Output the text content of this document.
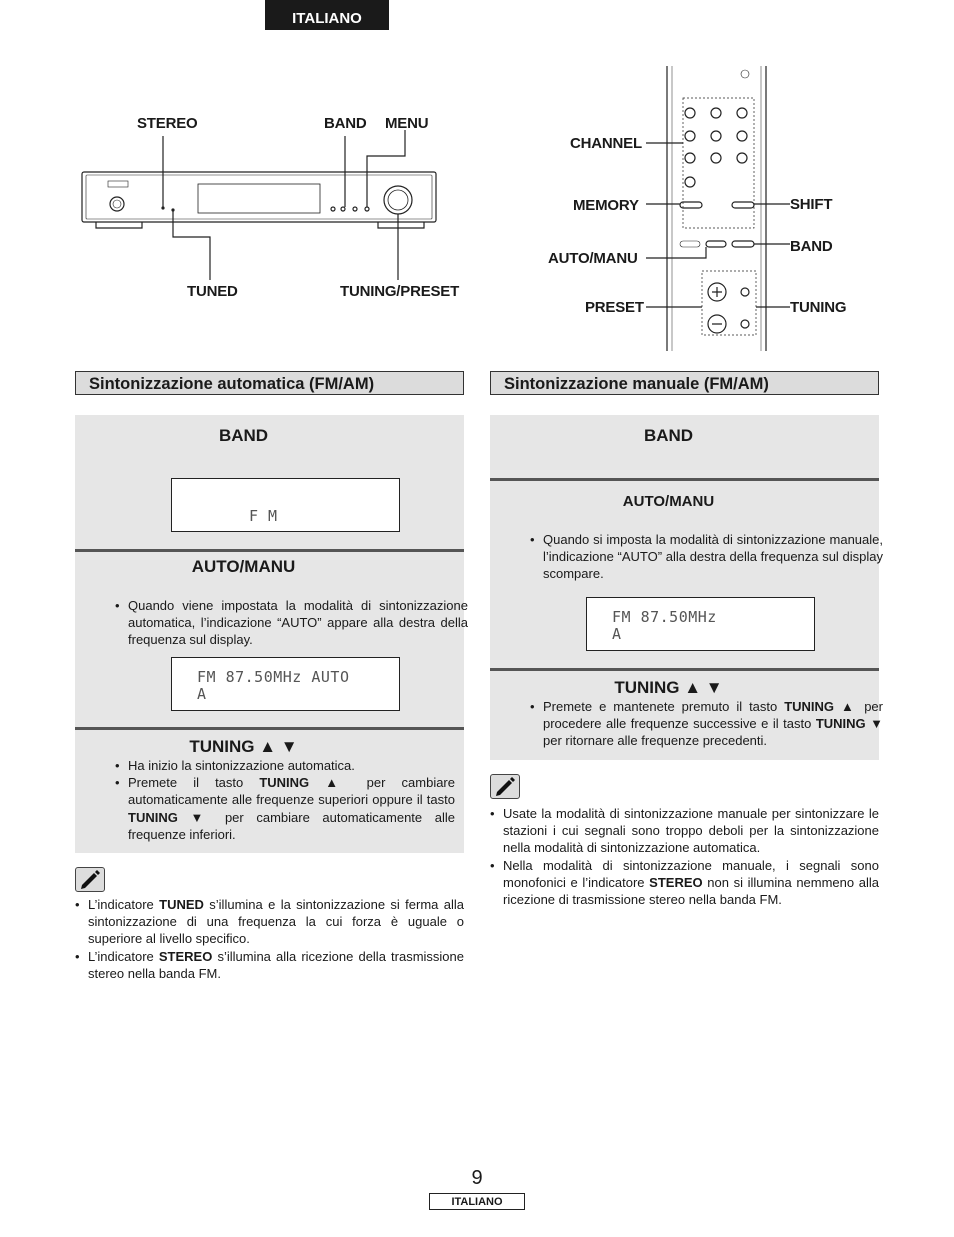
ITALIANO
STEREO	BAND MENU
TUNED	TUNING/PRESET
CHANNEL
MEMORY	SHIFT
BAND
AUTO/MANU
PRESET	TUNING
Sintonizzazione automatica (FM/AM)
BAND
F M
AUTO/MANU
• Quando viene impostata la modalità di sintonizzazione automatica, l’indicazione “AUTO” appare alla destra della frequenza sul display.
FM 87.50MHz AUTO
A
TUNING ▲ ▼
• Ha inizio la sintonizzazione automatica.
• Premete il tasto TUNING ▲ per cambiare automaticamente alle frequenze superiori oppure il tasto TUNING ▼ per cambiare automaticamente alle frequenze inferiori.
• L’indicatore TUNED s’illumina e la sintonizzazione si ferma alla sintonizzazione di una frequenza la cui forza è uguale o superiore al livello specifico.
• L’indicatore STEREO s’illumina alla ricezione della trasmissione stereo nella banda FM.
Sintonizzazione manuale (FM/AM)
BAND
AUTO/MANU
• Quando si imposta la modalità di sintonizzazione manuale, l’indicazione “AUTO” alla destra della frequenza sul display scompare.
FM 87.50MHz
A
TUNING ▲ ▼
• Premete e mantenete premuto il tasto TUNING ▲ per procedere alle frequenze successive e il tasto TUNING ▼ per ritornare alle frequenze precedenti.
• Usate la modalità di sintonizzazione manuale per sintonizzare le stazioni i cui segnali sono troppo deboli per la sintonizzazione nella modalità di sintonizzazione automatica.
• Nella modalità di sintonizzazione manuale, i segnali sono monofonici e l’indicatore STEREO non si illumina nemmeno alla ricezione di trasmissione stereo nella banda FM.
9
ITALIANO
